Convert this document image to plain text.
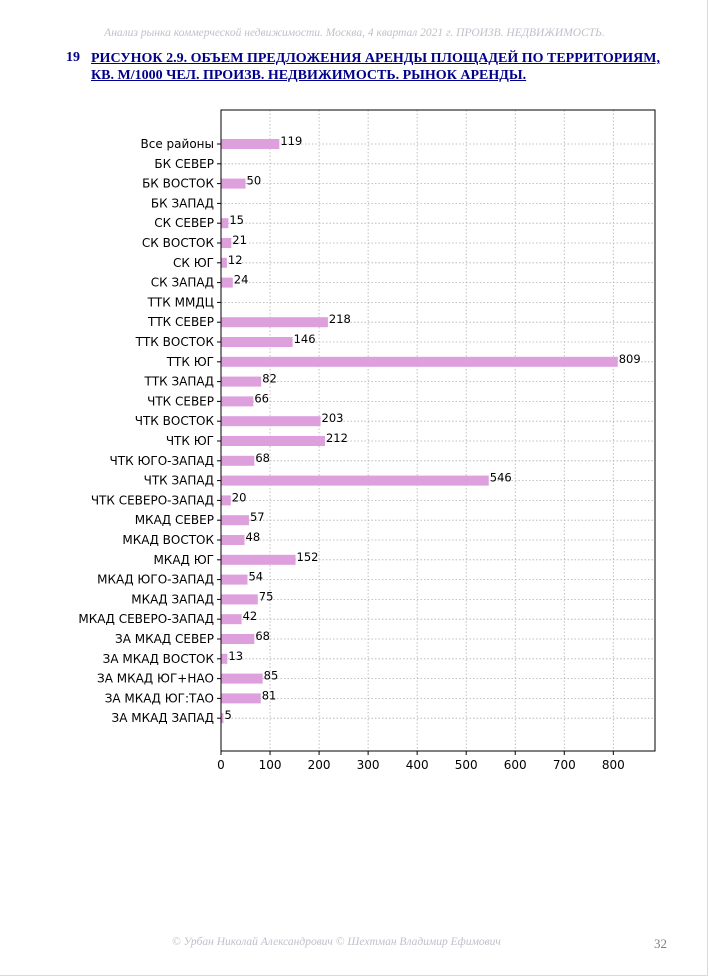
Анализ рынка коммерческой недвижимости. Москва, 4 квартал 2021 г. ПРОИЗВ. НЕДВИЖИМОСТЬ.
19 РИСУНОК 2.9. ОБЪЕМ ПРЕДЛОЖЕНИЯ АРЕНДЫ ПЛОЩАДЕЙ ПО ТЕРРИТОРИЯМ, КВ. М/1000 ЧЕЛ. ПРОИЗВ. НЕДВИЖИМОСТЬ. РЫНОК АРЕНДЫ.
119
Все районы
БК СЕВЕР
50
БК ВОСТОК
БК ЗАПАД
15
СК СЕВЕР
21
СК ВОСТОК
12
СК ЮГ
24
СК ЗАПАД
ТТК ММДЦ
218
ТТК СЕВЕР
146
ТТК ВОСТОК
809
ТТК ЮГ
82
ТТК ЗАПАД
66
ЧТК СЕВЕР
203
ЧТК ВОСТОК
212
ЧТК ЮГ
68
ЧТК ЮГО-ЗАПАД
546
ЧТК ЗАПАД
20
ЧТК СЕВЕРО-ЗАПАД
57
МКАД СЕВЕР
48
МКАД ВОСТОК
152
МКАД ЮГ
54
МКАД ЮГО-ЗАПАД
75
МКАД ЗАПАД
42
МКАД СЕВЕРО-ЗАПАД
68
ЗА МКАД СЕВЕР
13
ЗА МКАД ВОСТОК
85
ЗА МКАД ЮГ+НАО
81
ЗА МКАД ЮГ:ТАО
5
ЗА МКАД ЗАПАД
0	100 200 300 400 500 600 700 800
© Урбан Николай Александрович © Шехтман Владимир Ефимович	32
